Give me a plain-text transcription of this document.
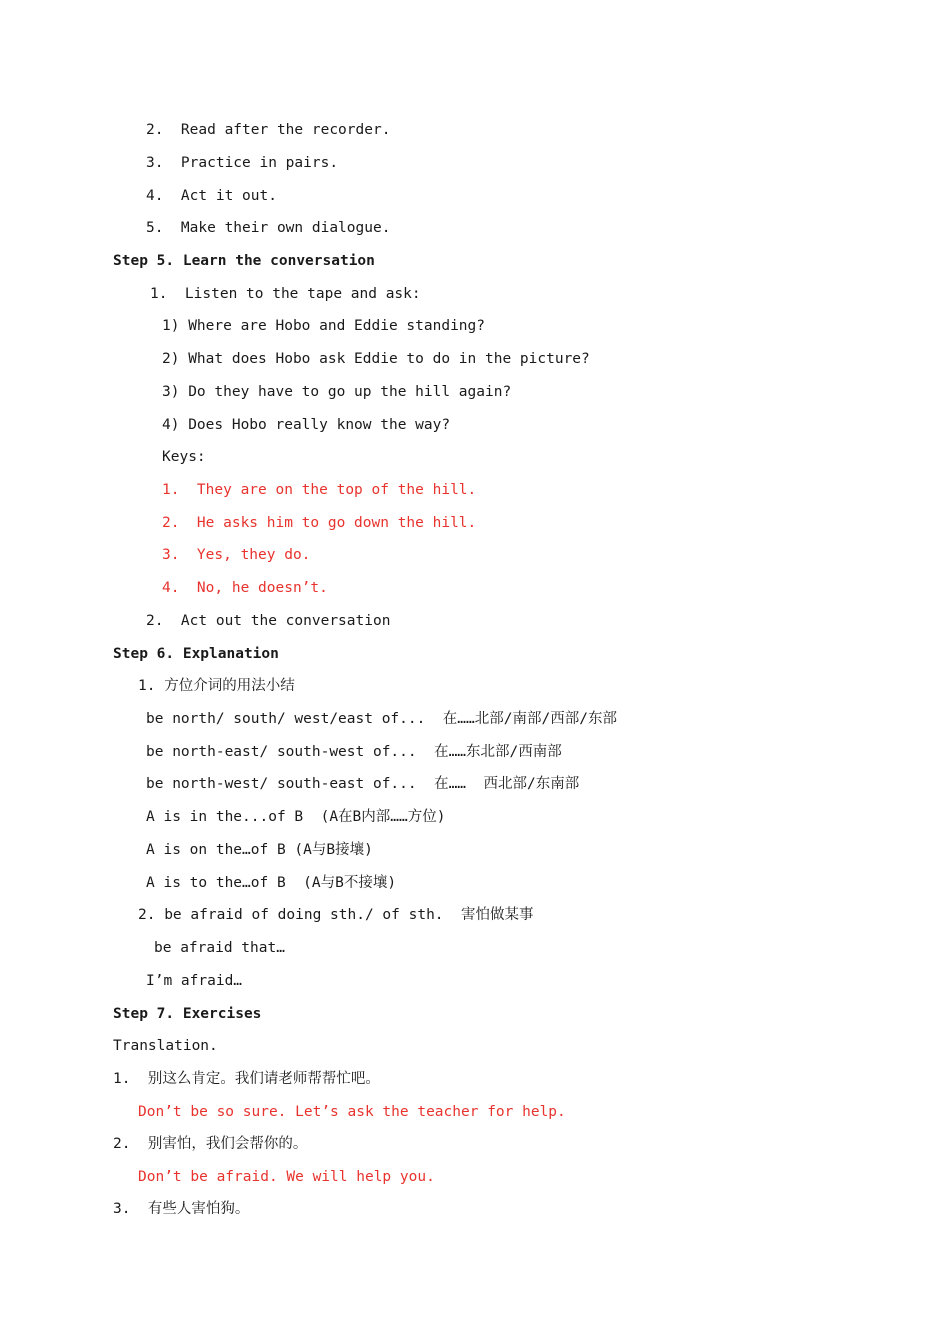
2.  Read after the recorder.
3.  Practice in pairs.
4.  Act it out.
5.  Make their own dialogue.
Step 5. Learn the conversation
1.  Listen to the tape and ask:
1) Where are Hobo and Eddie standing?
2) What does Hobo ask Eddie to do in the picture?
3) Do they have to go up the hill again?
4) Does Hobo really know the way?
Keys:
1.  They are on the top of the hill.
2.  He asks him to go down the hill.
3.  Yes, they do.
4.  No, he doesn’t.
2.  Act out the conversation
Step 6. Explanation
1. 方位介词的用法小结
be north/ south/ west/east of...  在……北部/南部/西部/东部
be north-east/ south-west of...  在……东北部/西南部
be north-west/ south-east of...  在……  西北部/东南部
A is in the...of B  (A在B内部……方位)
A is on the…of B (A与B接壤)
A is to the…of B  (A与B不接壤)
2. be afraid of doing sth./ of sth.  害怕做某事
be afraid that…
I’m afraid…
Step 7. Exercises
Translation.
1.  别这么肯定。我们请老师帮帮忙吧。
Don’t be so sure. Let’s ask the teacher for help.
2.  别害怕，我们会帮你的。
Don’t be afraid. We will help you.
3.  有些人害怕狗。
